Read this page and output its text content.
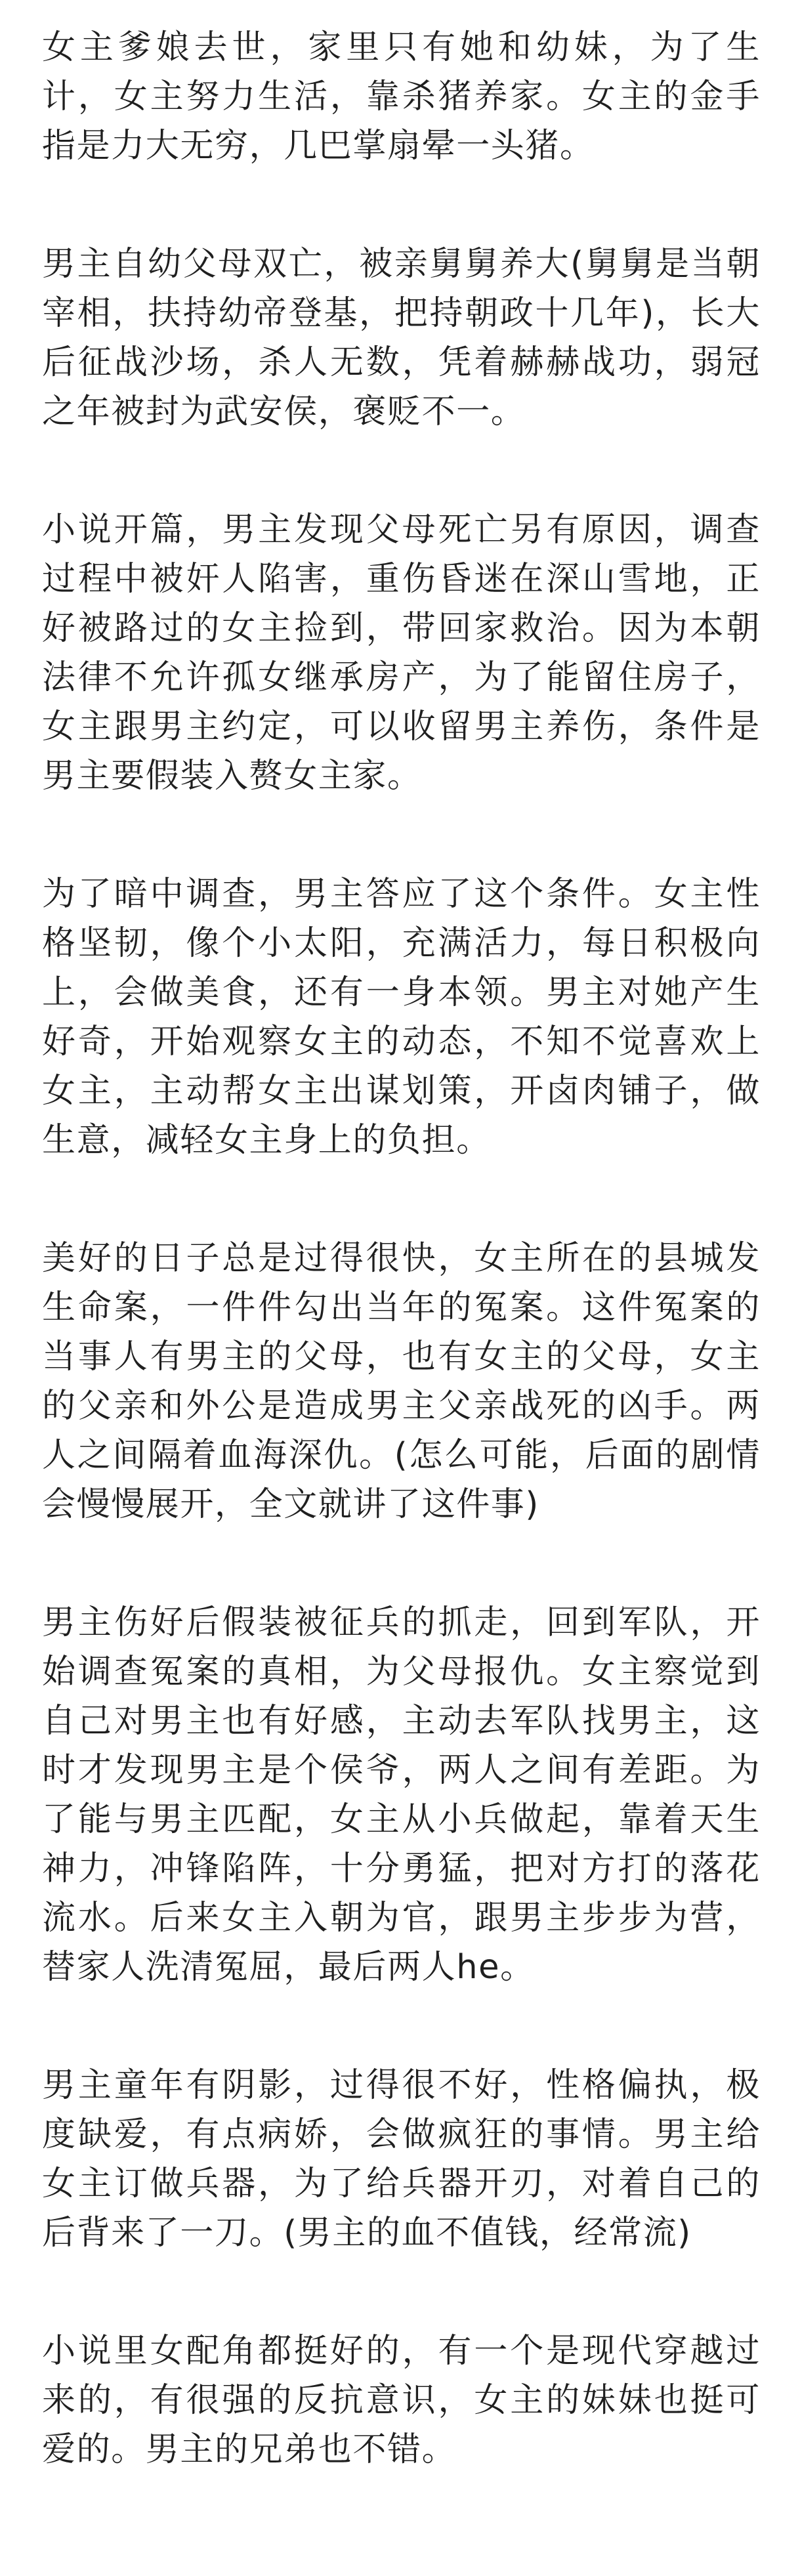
女主爹娘去世，家里只有她和幼妹，为了生计，女主努力生活，靠杀猪养家。女主的金手指是力大无穷，几巴掌扇晕一头猪。

男主自幼父母双亡，被亲舅舅养大(舅舅是当朝宰相，扶持幼帝登基，把持朝政十几年)，长大后征战沙场，杀人无数，凭着赫赫战功，弱冠之年被封为武安侯，褒贬不一。

小说开篇，男主发现父母死亡另有原因，调查过程中被奸人陷害，重伤昏迷在深山雪地，正好被路过的女主捡到，带回家救治。因为本朝法律不允许孤女继承房产，为了能留住房子，女主跟男主约定，可以收留男主养伤，条件是男主要假装入赘女主家。

为了暗中调查，男主答应了这个条件。女主性格坚韧，像个小太阳，充满活力，每日积极向上，会做美食，还有一身本领。男主对她产生好奇，开始观察女主的动态，不知不觉喜欢上女主，主动帮女主出谋划策，开卤肉铺子，做生意，减轻女主身上的负担。

美好的日子总是过得很快，女主所在的县城发生命案，一件件勾出当年的冤案。这件冤案的当事人有男主的父母，也有女主的父母，女主的父亲和外公是造成男主父亲战死的凶手。两人之间隔着血海深仇。(怎么可能，后面的剧情会慢慢展开，全文就讲了这件事)

男主伤好后假装被征兵的抓走，回到军队，开始调查冤案的真相，为父母报仇。女主察觉到自己对男主也有好感，主动去军队找男主，这时才发现男主是个侯爷，两人之间有差距。为了能与男主匹配，女主从小兵做起，靠着天生神力，冲锋陷阵，十分勇猛，把对方打的落花流水。后来女主入朝为官，跟男主步步为营，替家人洗清冤屈，最后两人he。

男主童年有阴影，过得很不好，性格偏执，极度缺爱，有点病娇，会做疯狂的事情。男主给女主订做兵器，为了给兵器开刃，对着自己的后背来了一刀。(男主的血不值钱，经常流)

小说里女配角都挺好的，有一个是现代穿越过来的，有很强的反抗意识，女主的妹妹也挺可爱的。男主的兄弟也不错。
